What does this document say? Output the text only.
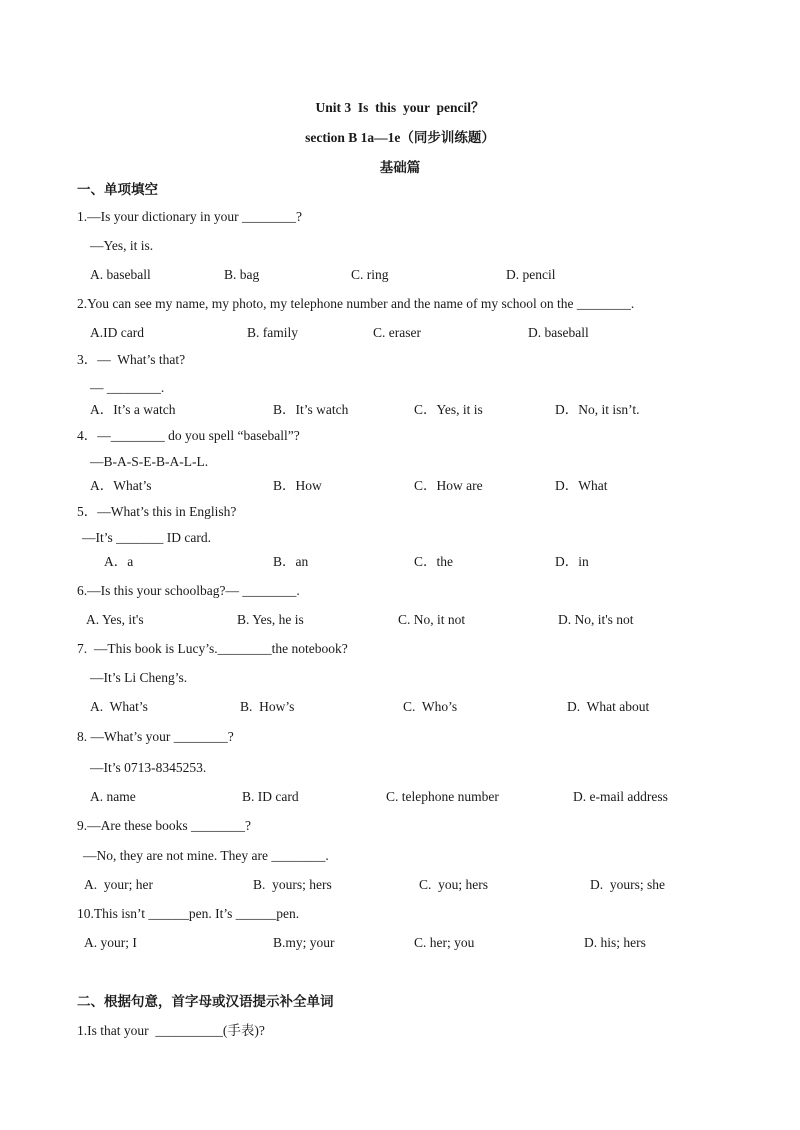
Unit 3  Is  this  your  pencil？
section B 1a—1e（同步训练题）
基础篇
一、单项填空
1.—Is your dictionary in your ________?
—Yes, it is.
A. baseball	B. bag	C. ring	D. pencil
2.You can see my name, my photo, my telephone number and the name of my school on the ________.
A.ID card	B. family	C. eraser	D. baseball
3．—  What’s that?
— ________.
A．It’s a watch	B．It’s watch	C．Yes, it is	D．No, it isn’t.
4．—________ do you spell “baseball”?
—B-A-S-E-B-A-L-L.
A．What’s	B．How	C．How are	D．What
5．—What’s this in English?
—It’s _______ ID card.
A．a	B．an	C．the	D．in
6.—Is this your schoolbag?— ________.
A. Yes, it's	B. Yes, he is	C. No, it not	D. No, it's not
7.  —This book is Lucy’s.________the notebook?
—It’s Li Cheng’s.
A.  What’s	B.  How’s	C.  Who’s	D.  What about
8. —What’s your ________?
—It’s 0713-8345253.
A. name	B. ID card	C. telephone number	D. e-mail address
9.—Are these books ________?
—No, they are not mine. They are ________.
A.  your; her	B.  yours; hers	C.  you; hers	D.  yours; she
10.This isn’t ______pen. It’s ______pen.
A. your; I	B.my; your	C. her; you	D. his; hers
二、根据句意，首字母或汉语提示补全单词
1.Is that your  __________(手表)?
